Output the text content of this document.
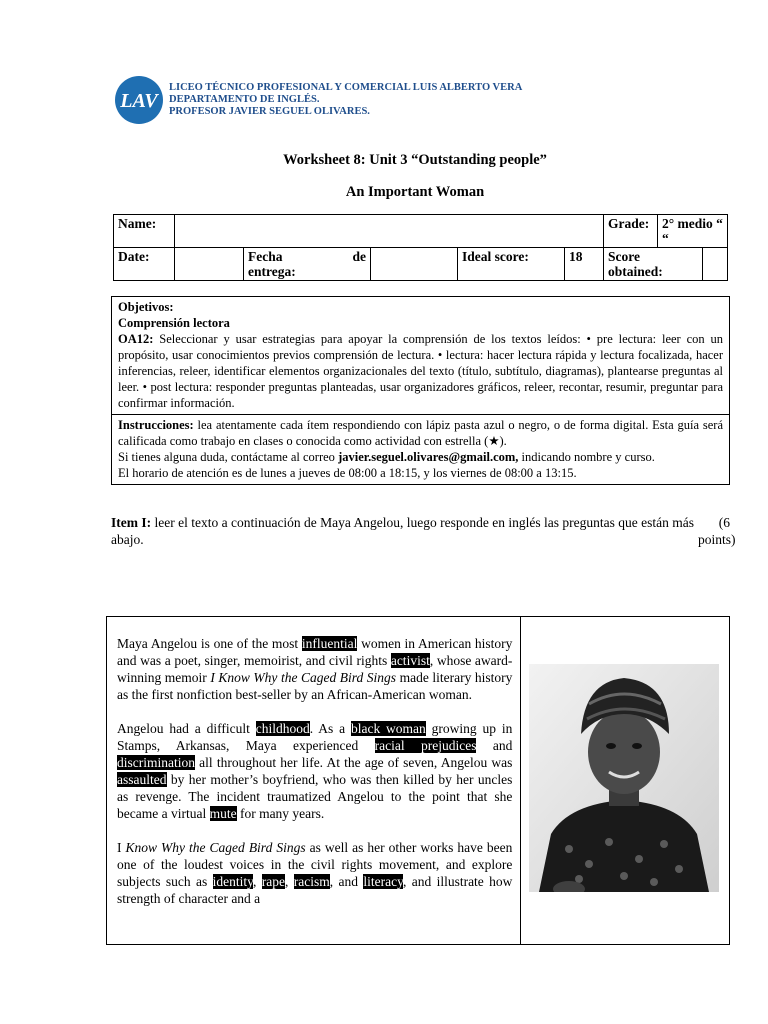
LAV
LICEO TÉCNICO PROFESIONAL Y COMERCIAL LUIS ALBERTO VERA
DEPARTAMENTO DE INGLÉS.
PROFESOR JAVIER SEGUEL OLIVARES.
Worksheet 8: Unit 3 “Outstanding people”
An Important Woman
Name:						Grade:	2° medio “ “	
Date:		Fecha de
entrega:		Ideal score:	18	Score obtained:		
Objetivos:
Comprensión lectora
OA12: Seleccionar y usar estrategias para apoyar la comprensión de los textos leídos: • pre lectura: leer con un propósito, usar conocimientos previos comprensión de lectura. • lectura: hacer lectura rápida y lectura focalizada, hacer inferencias, releer, identificar elementos organizacionales del texto (título, subtítulo, diagramas), plantearse preguntas al leer. • post lectura: responder preguntas planteadas, usar organizadores gráficos, releer, recontar, resumir, preguntar para confirmar información.
Instrucciones: lea atentamente cada ítem respondiendo con lápiz pasta azul o negro, o de forma digital. Esta guía será calificada como trabajo en clases o conocida como actividad con estrella (★).
Si tienes alguna duda, contáctame al correo javier.seguel.olivares@gmail.com, indicando nombre y curso.
El horario de atención es de lunes a jueves de 08:00 a 18:15, y los viernes de 08:00 a 13:15.
Item I: leer el texto a continuación de Maya Angelou, luego responde en inglés las preguntas que están más abajo.
(6 points)

Maya Angelou is one of the most influential women in American history and was a poet, singer, memoirist, and civil rights activist, whose award-winning memoir I Know Why the Caged Bird Sings made literary history as the first nonfiction best-seller by an African-American woman.

Angelou had a difficult childhood. As a black woman growing up in Stamps, Arkansas, Maya experienced racial prejudices and discrimination all throughout her life. At the age of seven, Angelou was assaulted by her mother’s boyfriend, who was then killed by her uncles as revenge. The incident traumatized Angelou to the point that she became a virtual mute for many years.

I Know Why the Caged Bird Sings as well as her other works have been one of the loudest voices in the civil rights movement, and explore subjects such as identity, rape, racism, and literacy, and illustrate how strength of character and a
